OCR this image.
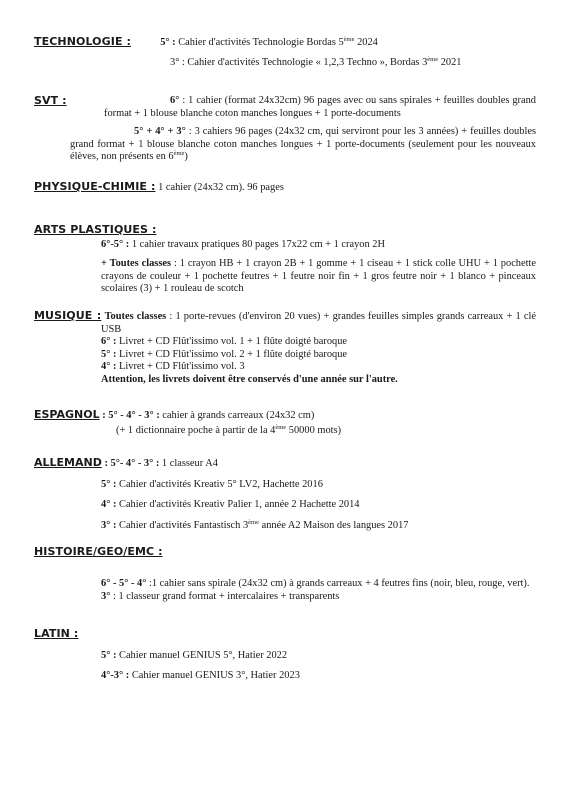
TECHNOLOGIE :	5° : Cahier d'activités Technologie Bordas 5ème 2024

3° : Cahier d'activités Technologie « 1,2,3 Techno », Bordas 3ème 2021

SVT :	6° : 1 cahier (format 24x32cm) 96 pages avec ou sans spirales + feuilles doubles grand format + 1 blouse blanche coton manches longues + 1 porte-documents

5° + 4° + 3° : 3 cahiers 96 pages (24x32 cm, qui serviront pour les 3 années) + feuilles doubles grand format + 1 blouse blanche coton manches longues + 1 porte-documents (seulement pour les nouveaux élèves, non présents en 6ème)

PHYSIQUE-CHIMIE : 1 cahier (24x32 cm). 96 pages

ARTS PLASTIQUES :

6°-5° : 1 cahier travaux pratiques 80 pages 17x22 cm + 1 crayon 2H

+ Toutes classes : 1 crayon HB + 1 crayon 2B + 1 gomme + 1 ciseau + 1 stick colle UHU + 1 pochette crayons de couleur + 1 pochette feutres + 1 feutre noir fin + 1 gros feutre noir + 1 blanco + pinceaux scolaires (3) + 1 rouleau de scotch

MUSIQUE : Toutes classes : 1 porte-revues (d'environ 20 vues) + grandes feuilles simples grands carreaux + 1 clé USB

6° : Livret + CD Flût'issimo vol. 1 + 1 flûte doigté baroque

5° : Livret + CD Flût'issimo vol. 2 + 1 flûte doigté baroque

4° : Livret + CD Flût'issimo vol. 3

Attention, les livrets doivent être conservés d'une année sur l'autre.

ESPAGNOL : 5° - 4° - 3° : cahier à grands carreaux (24x32 cm)

(+ 1 dictionnaire poche à partir de la 4ème 50000 mots)

ALLEMAND : 5°- 4° - 3° : 1 classeur A4

5° : Cahier d'activités Kreativ 5° LV2, Hachette 2016

4° : Cahier d'activités Kreativ Palier 1, année 2 Hachette 2014

3° : Cahier d'activités Fantastisch 3ème année A2 Maison des langues 2017

HISTOIRE/GEO/EMC :

6° - 5° - 4° :1 cahier sans spirale (24x32 cm) à grands carreaux + 4 feutres fins (noir, bleu, rouge, vert).

3° : 1 classeur grand format + intercalaires + transparents

LATIN :

5° : Cahier manuel GENIUS 5°, Hatier 2022

4°-3° : Cahier manuel GENIUS 3°, Hatier 2023
